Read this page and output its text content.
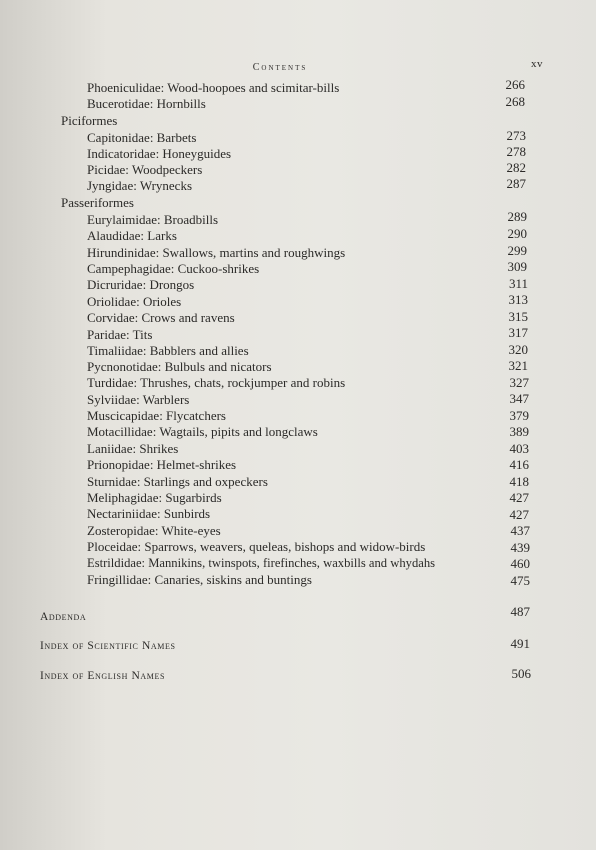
Contents	xv
Phoeniculidae: Wood-hoopoes and scimitar-bills	266
Bucerotidae: Hornbills	268
Piciformes
Capitonidae: Barbets	273
Indicatoridae: Honeyguides	278
Picidae: Woodpeckers	282
Jyngidae: Wrynecks	287
Passeriformes
Eurylaimidae: Broadbills	289
Alaudidae: Larks	290
Hirundinidae: Swallows, martins and roughwings	299
Campephagidae: Cuckoo-shrikes	309
Dicruridae: Drongos	311
Oriolidae: Orioles	313
Corvidae: Crows and ravens	315
Paridae: Tits	317
Timaliidae: Babblers and allies	320
Pycnonotidae: Bulbuls and nicators	321
Turdidae: Thrushes, chats, rockjumper and robins	327
Sylviidae: Warblers	347
Muscicapidae: Flycatchers	379
Motacillidae: Wagtails, pipits and longclaws	389
Laniidae: Shrikes	403
Prionopidae: Helmet-shrikes	416
Sturnidae: Starlings and oxpeckers	418
Meliphagidae: Sugarbirds	427
Nectariniidae: Sunbirds	427
Zosteropidae: White-eyes	437
Ploceidae: Sparrows, weavers, queleas, bishops and widow-birds	439
Estrildidae: Mannikins, twinspots, firefinches, waxbills and whydahs	460
Fringillidae: Canaries, siskins and buntings	475
Addenda	487
Index of Scientific Names	491
Index of English Names	506
